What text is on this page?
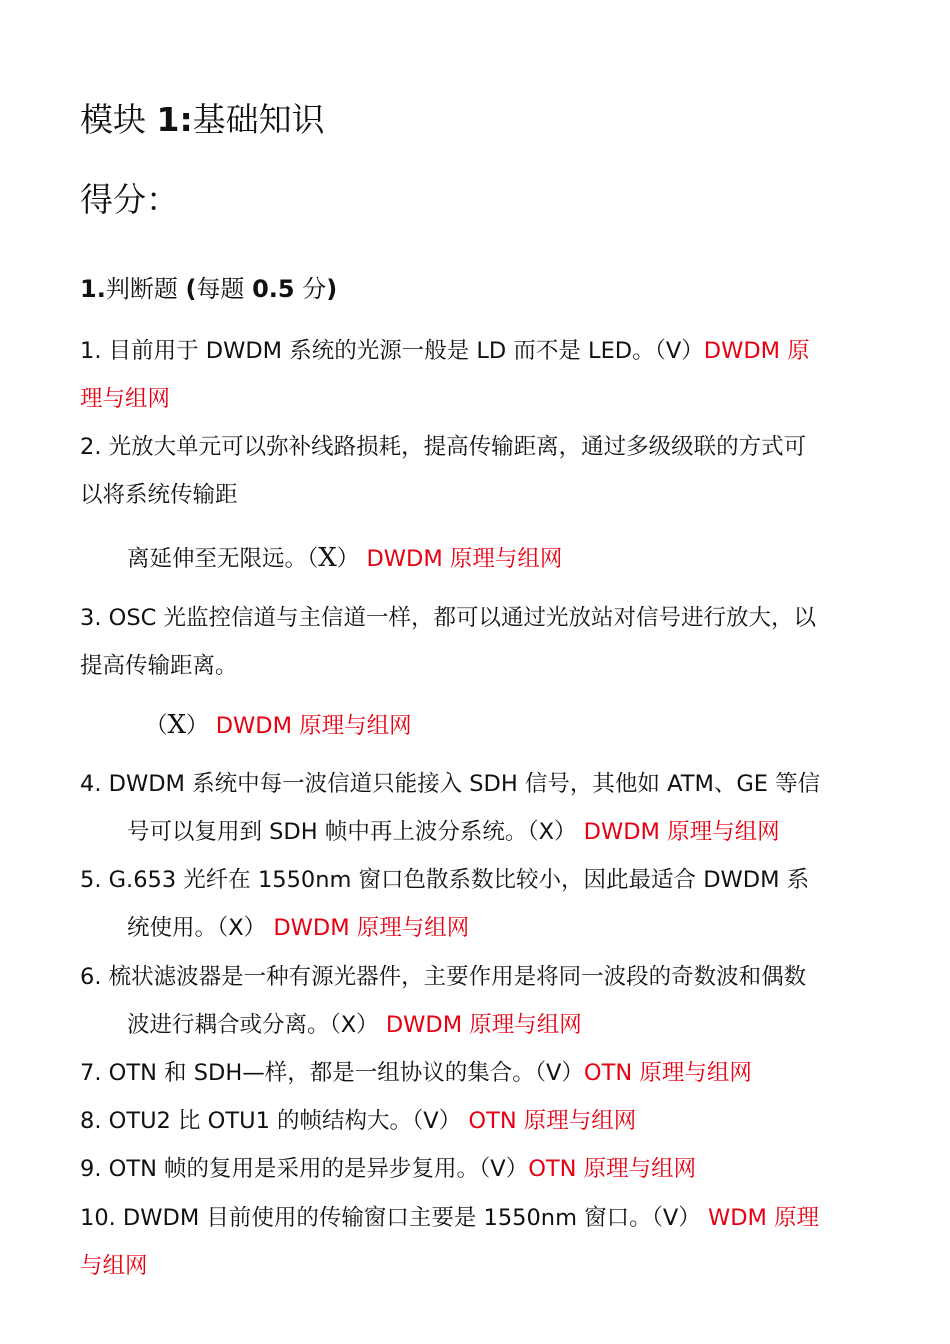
模块 1:基础知识
得分：
1.判断题 (每题 0.5 分)
1. 目前用于 DWDM 系统的光源一般是 LD 而不是 LED。（V）DWDM 原
理与组网
2. 光放大单元可以弥补线路损耗，提高传输距离，通过多级级联的方式可
以将系统传输距
离延伸至无限远。（X） DWDM 原理与组网
3. OSC 光监控信道与主信道一样，都可以通过光放站对信号进行放大，以
提高传输距离。
（X） DWDM 原理与组网
4. DWDM 系统中每一波信道只能接入 SDH 信号，其他如 ATM、GE 等信
号可以复用到 SDH 帧中再上波分系统。（X） DWDM 原理与组网
5. G.653 光纤在 1550nm 窗口色散系数比较小，因此最适合 DWDM 系
统使用。（X） DWDM 原理与组网
6. 梳状滤波器是一种有源光器件，主要作用是将同一波段的奇数波和偶数
波进行耦合或分离。（X） DWDM 原理与组网
7. OTN 和 SDH—样，都是一组协议的集合。（V）OTN 原理与组网
8. OTU2 比 OTU1 的帧结构大。（V） OTN 原理与组网
9. OTN 帧的复用是采用的是异步复用。（V）OTN 原理与组网
10. DWDM 目前使用的传输窗口主要是 1550nm 窗口。（V） WDM 原理
与组网
